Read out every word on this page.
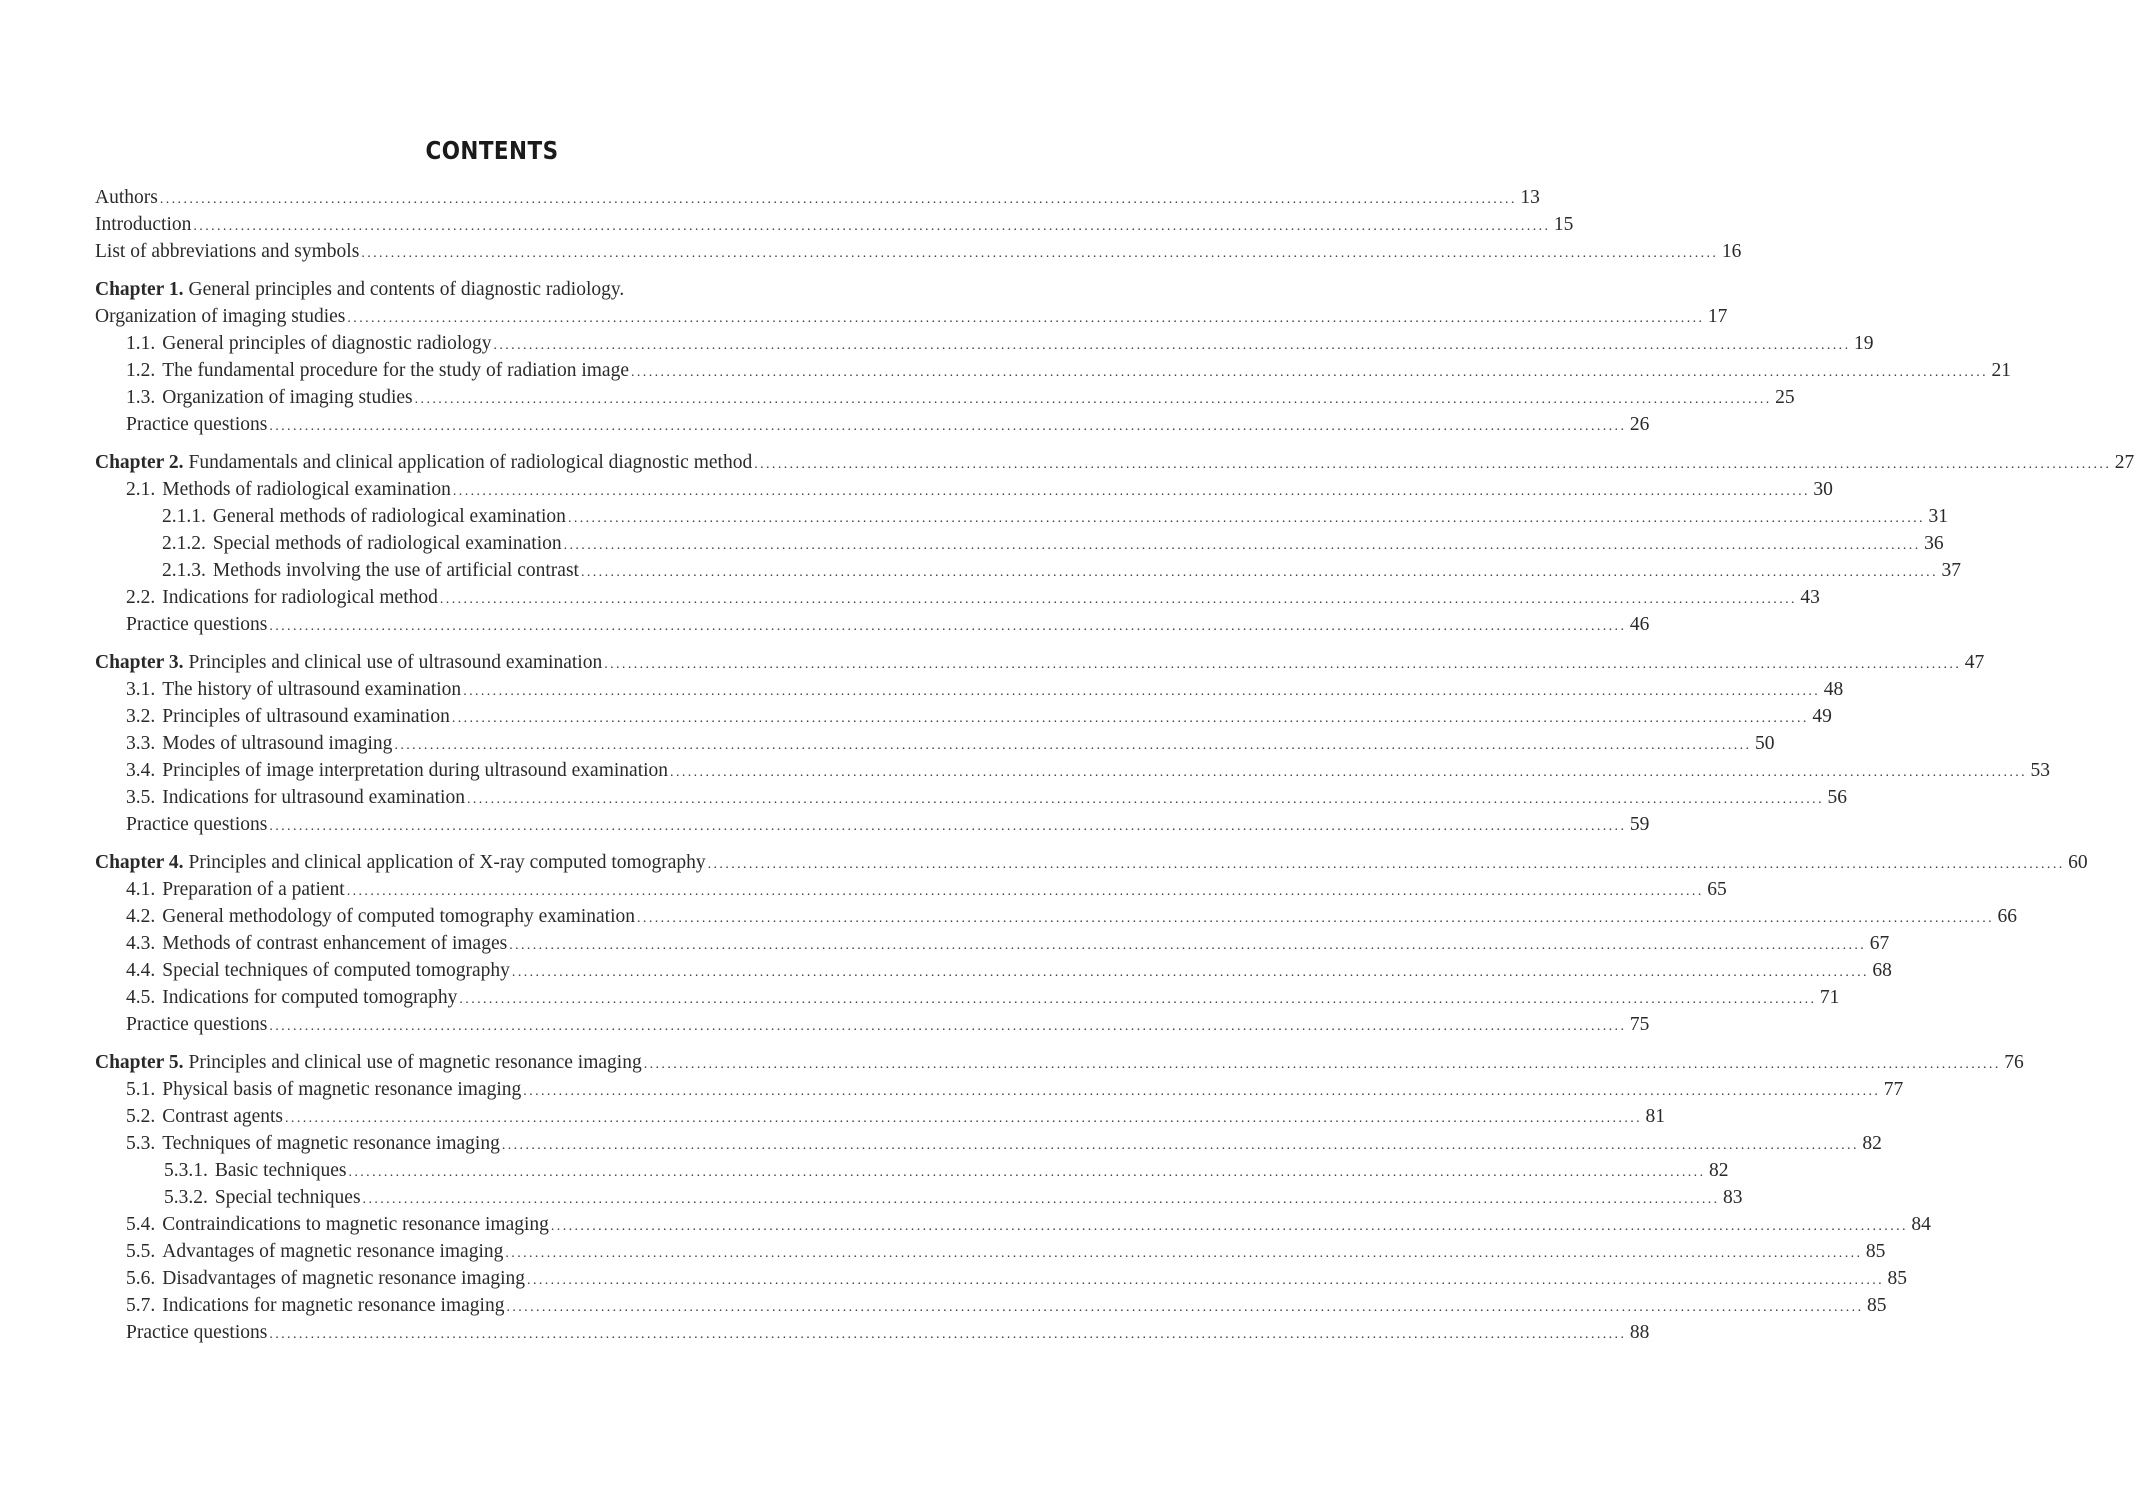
CONTENTS
Authors .....	13
Introduction .....	15
List of abbreviations and symbols .....	16
Chapter 1. General principles and contents of diagnostic radiology.
Organization of imaging studies .....	17
1.1. General principles of diagnostic radiology .....	19
1.2. The fundamental procedure for the study of radiation image .....	21
1.3. Organization of imaging studies .....	25
Practice questions .....	26
Chapter 2. Fundamentals and clinical application of radiological diagnostic method .....	27
2.1. Methods of radiological examination .....	30
2.1.1. General methods of radiological examination .....	31
2.1.2. Special methods of radiological examination .....	36
2.1.3. Methods involving the use of artificial contrast .....	37
2.2. Indications for radiological method .....	43
Practice questions .....	46
Chapter 3. Principles and clinical use of ultrasound examination .....	47
3.1. The history of ultrasound examination .....	48
3.2. Principles of ultrasound examination .....	49
3.3. Modes of ultrasound imaging .....	50
3.4. Principles of image interpretation during ultrasound examination .....	53
3.5. Indications for ultrasound examination .....	56
Practice questions .....	59
Chapter 4. Principles and clinical application of X-ray computed tomography .....	60
4.1. Preparation of a patient .....	65
4.2. General methodology of computed tomography examination .....	66
4.3. Methods of contrast enhancement of images .....	67
4.4. Special techniques of computed tomography .....	68
4.5. Indications for computed tomography .....	71
Practice questions .....	75
Chapter 5. Principles and clinical use of magnetic resonance imaging .....	76
5.1. Physical basis of magnetic resonance imaging .....	77
5.2. Contrast agents .....	81
5.3. Techniques of magnetic resonance imaging .....	82
5.3.1. Basic techniques .....	82
5.3.2. Special techniques .....	83
5.4. Contraindications to magnetic resonance imaging .....	84
5.5. Advantages of magnetic resonance imaging .....	85
5.6. Disadvantages of magnetic resonance imaging .....	85
5.7. Indications for magnetic resonance imaging .....	85
Practice questions .....	88
